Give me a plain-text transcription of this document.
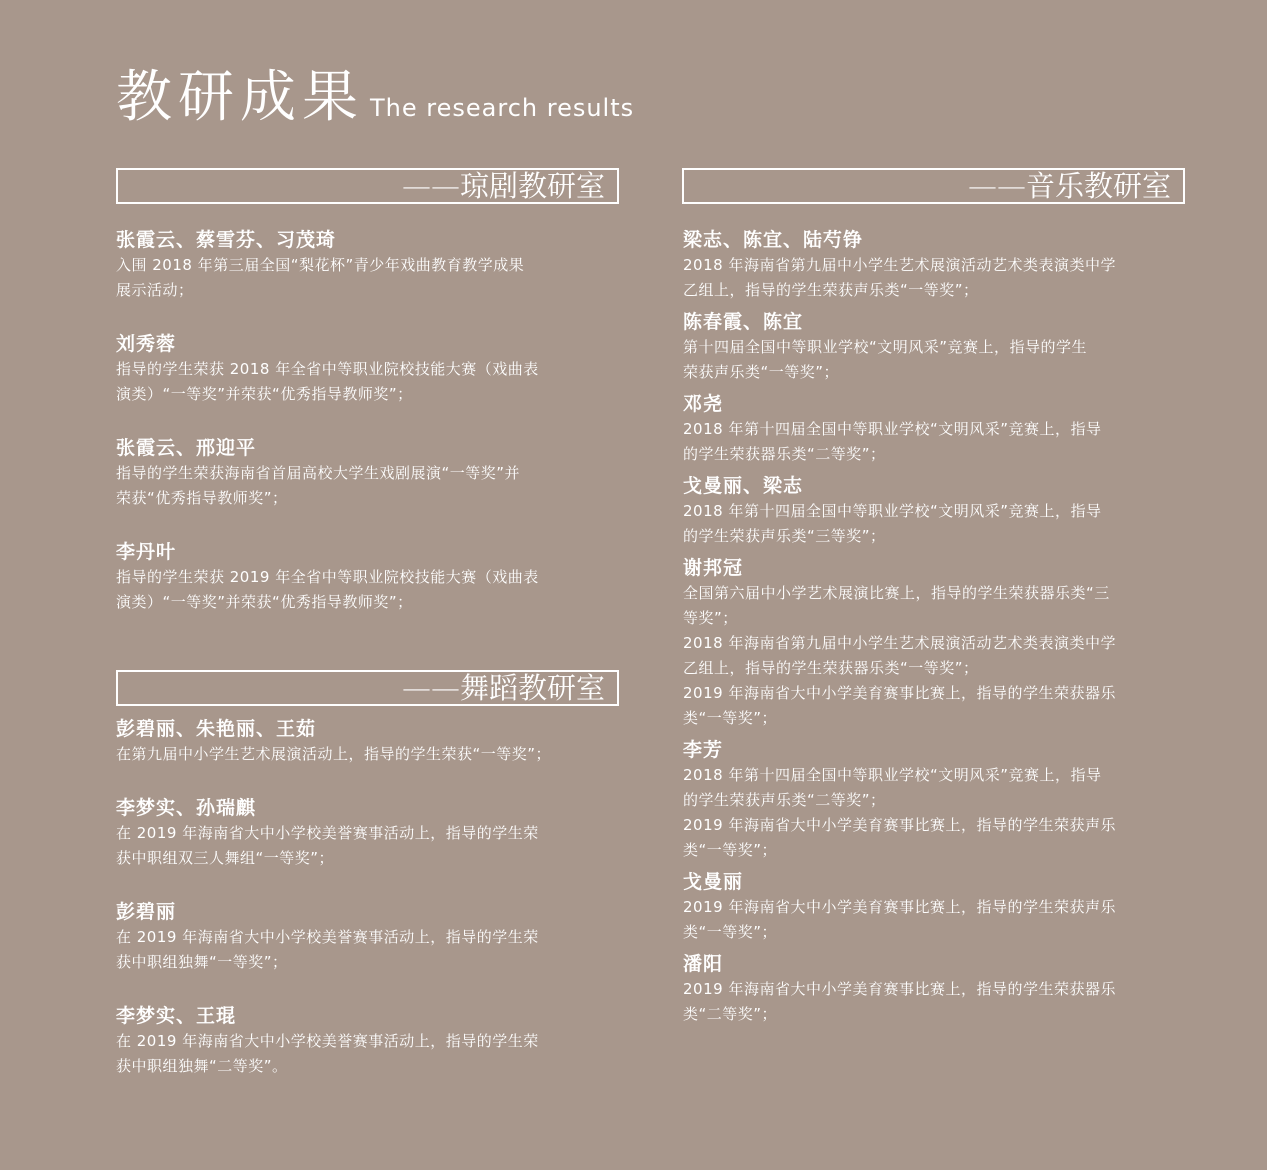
教研成果 The research results
——琼剧教研室

张霞云、蔡雪芬、习茂琦

入围 2018 年第三届全国“梨花杯”青少年戏曲教育教学成果

展示活动；

刘秀蓉

指导的学生荣获 2018 年全省中等职业院校技能大赛（戏曲表

演类）“一等奖”并荣获“优秀指导教师奖”；

张霞云、邢迎平

指导的学生荣获海南省首届高校大学生戏剧展演“一等奖”并

荣获“优秀指导教师奖”；

李丹叶

指导的学生荣获 2019 年全省中等职业院校技能大赛（戏曲表

演类）“一等奖”并荣获“优秀指导教师奖”；

——舞蹈教研室

彭碧丽、朱艳丽、王茹

在第九届中小学生艺术展演活动上，指导的学生荣获“一等奖”；

李梦实、孙瑞麒

在 2019 年海南省大中小学校美誉赛事活动上，指导的学生荣

获中职组双三人舞组“一等奖”；

彭碧丽

在 2019 年海南省大中小学校美誉赛事活动上，指导的学生荣

获中职组独舞“一等奖”；

李梦实、王琨

在 2019 年海南省大中小学校美誉赛事活动上，指导的学生荣

获中职组独舞“二等奖”。

——音乐教研室

梁志、陈宜、陆芍铮

2018 年海南省第九届中小学生艺术展演活动艺术类表演类中学

乙组上，指导的学生荣获声乐类“一等奖”；

陈春霞、陈宜

第十四届全国中等职业学校“文明风采”竞赛上，指导的学生

荣获声乐类“一等奖”；

邓尧

2018 年第十四届全国中等职业学校“文明风采”竞赛上，指导

的学生荣获器乐类“二等奖”；

戈曼丽、梁志

2018 年第十四届全国中等职业学校“文明风采”竞赛上，指导

的学生荣获声乐类“三等奖”；

谢邦冠

全国第六届中小学艺术展演比赛上，指导的学生荣获器乐类“三

等奖”；

2018 年海南省第九届中小学生艺术展演活动艺术类表演类中学

乙组上，指导的学生荣获器乐类“一等奖”；

2019 年海南省大中小学美育赛事比赛上，指导的学生荣获器乐

类“一等奖”；

李芳

2018 年第十四届全国中等职业学校“文明风采”竞赛上，指导

的学生荣获声乐类“二等奖”；

2019 年海南省大中小学美育赛事比赛上，指导的学生荣获声乐

类“一等奖”；

戈曼丽

2019 年海南省大中小学美育赛事比赛上，指导的学生荣获声乐

类“一等奖”；

潘阳

2019 年海南省大中小学美育赛事比赛上，指导的学生荣获器乐

类“二等奖”；
